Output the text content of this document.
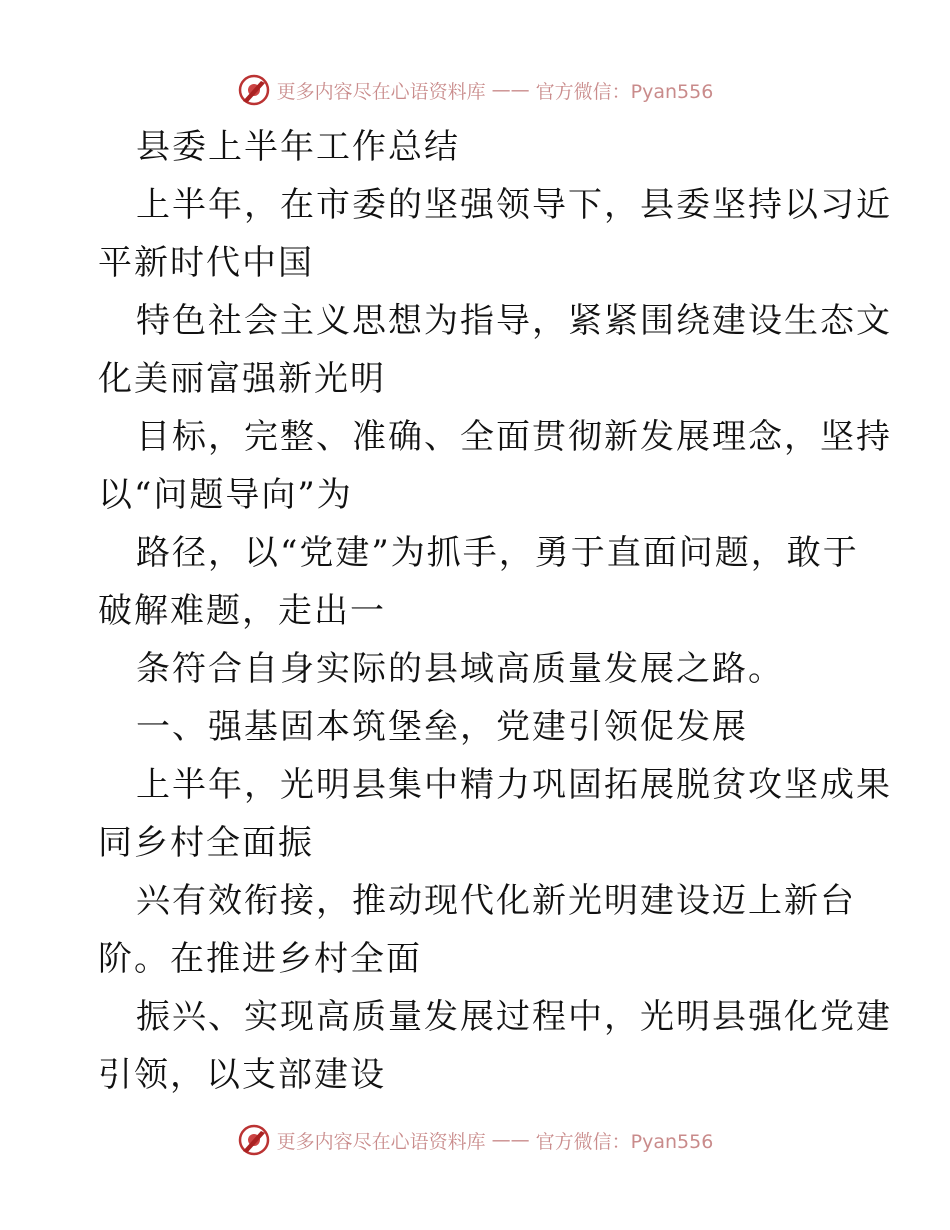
更多内容尽在心语资料库 —— 官方微信：Pyan556
县委上半年工作总结
上半年，在市委的坚强领导下，县委坚持以习近
平新时代中国
特色社会主义思想为指导，紧紧围绕建设生态文
化美丽富强新光明
目标，完整、准确、全面贯彻新发展理念，坚持
以“问题导向”为
路径，以“党建”为抓手，勇于直面问题，敢于
破解难题，走出一
条符合自身实际的县域高质量发展之路。
一、强基固本筑堡垒，党建引领促发展
上半年，光明县集中精力巩固拓展脱贫攻坚成果
同乡村全面振
兴有效衔接，推动现代化新光明建设迈上新台
阶。在推进乡村全面
振兴、实现高质量发展过程中，光明县强化党建
引领，以支部建设
更多内容尽在心语资料库 —— 官方微信：Pyan556
